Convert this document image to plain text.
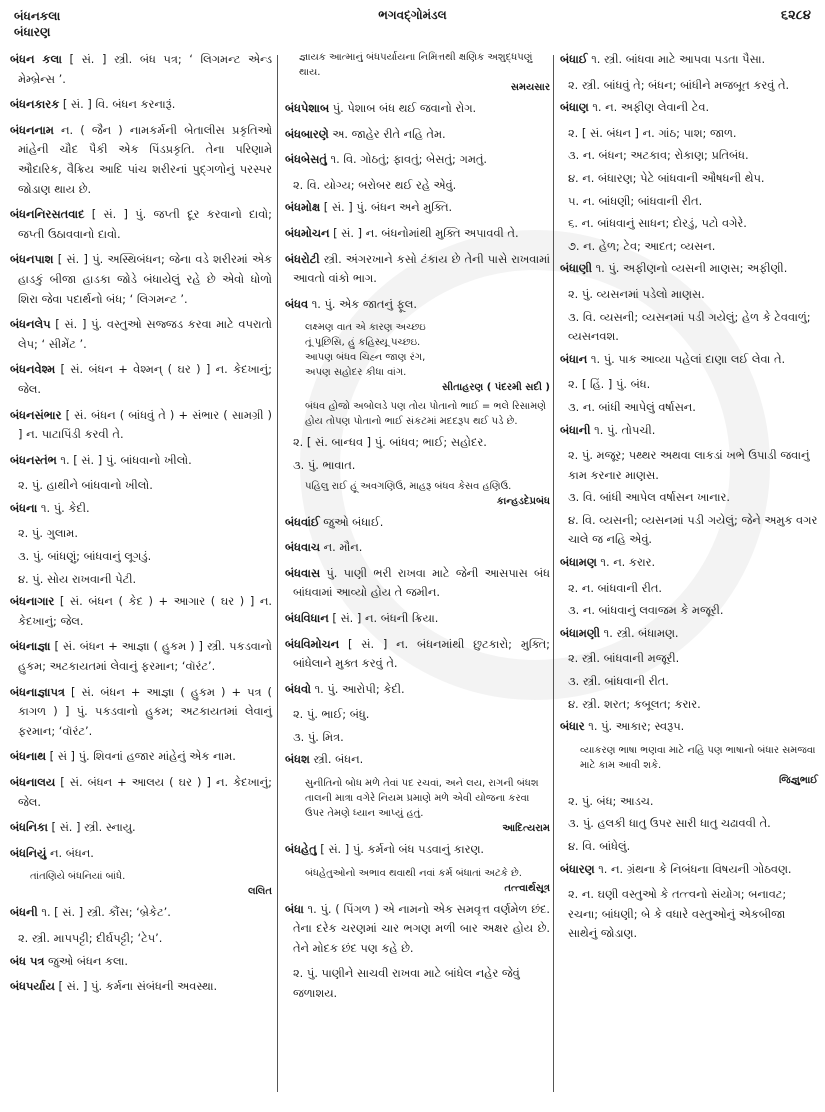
બંધનકલા
બંધારણ
ભગવદ્ગોમંડલ	૬૨૮૪
બંધન કલા [ સં. ] સ્ત્રી. બંધ પત્ર; ‘ લિગમન્ટ એન્ડ મેમ્બ્રેન્સ ’.
બંધનકારક [ સં. ] વિ. બંધન કરનારૂં.
બંધનનામ ન. ( જૈન ) નામકર્મની બેતાલીસ પ્રકૃતિઓ માંહેની ચૌદ પૈકી એક પિંડપ્રકૃતિ. તેના પરિણામે ઔદારિક, વૈક્રિય આદિ પાંચ શરીરનાં પુદ્ગળોનું પરસ્પર જોડાણ થાય છે.
બંધનનિરસતવાદ [ સં. ] પું. જપ્તી દૂર કરવાનો દાવો; જપ્તી ઉઠાવવાનો દાવો.
બંધનપાશ [ સં. ] પું. અસ્થિબંધન; જેના વડે શરીરમાં એક હાડકું બીજા હાડકા જોડે બંધાયેલું રહે છે એવો ધોળો શિરા જેવા પદાર્થનો બંધ; ‘ લિગમન્ટ ’.
બંધનલેપ [ સં. ] પું. વસ્તુઓ સજ્જડ કરવા માટે વપરાતો લેપ; ‘ સીમેંટ ’.
બંધનવેશ્મ [ સં. બંધન + વેશ્મન્ ( ઘર ) ] ન. કેદખાનું; જેલ.
બંધનસંભાર [ સં. બંધન ( બાંધવું તે ) + સંભાર ( સામગ્રી ) ] ન. પાટાપિંડી કરવી તે.
બંધનસ્તંભ ૧. [ સં. ] પું. બાંધવાનો ખીલો.
૨. પું. હાથીને બાંધવાનો ખીલો.
બંધના ૧. પું. કેદી.
૨. પું. ગુલામ.
૩. પું. બાંધણું; બાંધવાનું લૂગડું.
૪. પું. સોય રાખવાની પેટી.
બંધનાગાર [ સં. બંધન ( કેદ ) + આગાર ( ઘર ) ] ન. કેદખાનું; જેલ.
બંધનાજ્ઞા [ સં. બંધન + આજ્ઞા ( હુકમ ) ] સ્ત્રી. પકડવાનો હુકમ; અટકાયતમાં લેવાનું ફરમાન; ‘વૉરંટ’.
બંધનાજ્ઞાપત્ર [ સં. બંધન + આજ્ઞા ( હુકમ ) + પત્ર ( કાગળ ) ] પું. પકડવાનો હુકમ; અટકાયતમાં લેવાનું ફરમાન; ‘વૉરંટ’.
બંધનાથ [ સં ] પું. શિવનાં હજાર માંહેનું એક નામ.
બંધનાલય [ સં. બંધન + આલય ( ઘર ) ] ન. કેદખાનું; જેલ.
બંધનિકા [ સં. ] સ્ત્રી. સ્નાયુ.
બંધનિયું ન. બંધન.
તાંતણિયે બંધનિયાં બાંધે.
લલિત
બંધની ૧. [ સં. ] સ્ત્રી. કૌંસ; ‘બ્રેકેટ’.
૨. સ્ત્રી. માપપટ્ટી; દીર્ઘપટ્ટી; ‘ટેપ’.
બંધ પત્ર જુઓ બંધન કલા.
બંધપર્યાય [ સં. ] પું. કર્મના સંબંધની અવસ્થા.
જ્ઞાયક આત્માનું બંધપર્યાયના નિમિત્તથી ક્ષણિક અશુદ્ધપણું થાય.
સમયસાર
બંધપેશાબ પું. પેશાબ બંધ થઈ જવાનો રોગ.
બંધબારણે અ. જાહેર રીતે નહિ તેમ.
બંધબેસતું ૧. વિ. ગોઠતું; ફાવતું; બેસતું; ગમતું.
૨. વિ. યોગ્ય; બરોબર થઈ રહે એવું.
બંધમોક્ષ [ સં. ] પું. બંધન અને મુક્તિ.
બંધમોચન [ સં. ] ન. બંધનોમાંથી મુક્તિ અપાવવી તે.
બંધરોટી સ્ત્રી. અંગરખાને કસો ટંકાય છે તેની પાસે રાખવામાં આવતો વાંકો ભાગ.
બંધવ ૧. પું. એક જાતનું ફૂલ.
લક્ષ્મણ વાત એ કારણ અચ્છઇ
તૂં પૂછિસિ, હું કહિસ્યૂ પચ્છઇ.
આપણ બંધવ ચિહ્ન જાણ રંગ,
અપણ સહોદર કીધા વાંગ.
સીતાહરણ ( પંદરમી સદી )
બંધવ હોજો અબોલડે પણ તોય પોતાનો ભાઈ = ભલે રિસામણે હોય તોપણ પોતાનો ભાઈ સંકટમાં મદદરૂપ થઈ પડે છે.
૨. [ સં. બાન્ધવ ] પું. બાંધવ; ભાઈ; સહોદર.
૩. પું. ભાવાત.
પહિલુ રાઈ હૂં અવગણિઉ, માહરૂ બંધવ કેસવ હણિઉ.
કાન્હડદેપ્રબંધ
બંધવાંઈ જુઓ બંધાઈ.
બંધવાચ ન. મૌન.
બંધવાસ પું. પાણી ભરી રાખવા માટે જેની આસપાસ બંધ બાંધવામાં આવ્યો હોય તે જમીન.
બંધવિધાન [ સં. ] ન. બંધની ક્રિયા.
બંધવિમોચન [ સં. ] ન. બંધનમાંથી છુટકારો; મુક્તિ; બાંધેલાને મુક્ત કરવું તે.
બંધવો ૧. પું. આરોપી; કેદી.
૨. પું. ભાઈ; બંધુ.
૩. પું. મિત્ર.
બંધશ સ્ત્રી. બંધન.
સુનીતિનો બોધ મળે તેવાં પદ રચવાં, અને લય, રાગની બંધશ તાલની માત્રા વગેરે નિયમ પ્રમાણે મળે એવી યોજના કરવા ઉપર તેમણે ધ્યાન આપ્યું હતું.
આદિત્યરામ
બંધહેતુ [ સં. ] પું. કર્મનો બંધ પડવાનું કારણ.
બંધહેતુઓનો અભાવ થવાથી નવાં કર્મ બંધાતાં અટકે છે.
તત્ત્વાર્થસૂત્ર
બંધા ૧. પું. ( પિંગળ ) એ નામનો એક સમવૃત્ત વર્ણમેળ છંદ. તેના દરેક ચરણમાં ચાર ભગણ મળી બાર અક્ષર હોય છે. તેને મોદક છંદ પણ કહે છે.
૨. પું. પાણીને સાચવી રાખવા માટે બાંધેલ નહેર જેવું જળાશય.
બંધાઈ ૧. સ્ત્રી. બાંધવા માટે આપવા પડતા પૈસા.
૨. સ્ત્રી. બાંધવું તે; બંધન; બાંધીને મજબૂત કરવું તે.
બંધાણ ૧. ન. અફીણ લેવાની ટેવ.
૨. [ સં. બંધન ] ન. ગાંઠ; પાશ; જાળ.
૩. ન. બંધન; અટકાવ; રોકાણ; પ્રતિબંધ.
૪. ન. બંધારણ; પેટે બાંધવાની ઔષધની થેપ.
૫. ન. બાંધણી; બાંધવાની રીત.
૬. ન. બાંધવાનું સાધન; દોરડું, પટો વગેરે.
૭. ન. હેળ; ટેવ; આદત; વ્યસન.
બંધાણી ૧. પું. અફીણનો વ્યસની માણસ; અફીણી.
૨. પું. વ્યસનમાં પડેલો માણસ.
૩. વિ. વ્યસની; વ્યસનમાં પડી ગયેલું; હેળ કે ટેવવાળું; વ્યસનવશ.
બંધાન ૧. પું. પાક આવ્યા પહેલાં દાણા લઈ લેવા તે.
૨. [ હિં. ] પું. બંધ.
૩. ન. બાંધી આપેલું વર્ષાસન.
બંધાની ૧. પું. તોપચી.
૨. પું. મજૂર; પથ્થર અથવા લાકડાં ખભે ઉપાડી જવાનું કામ કરનાર માણસ.
૩. વિ. બાંધી આપેલ વર્ષાસન ખાનાર.
૪. વિ. વ્યસની; વ્યસનમાં પડી ગયેલું; જેને અમુક વગર ચાલે જ નહિ એવું.
બંધામણ ૧. ન. કરાર.
૨. ન. બાંધવાની રીત.
૩. ન. બાંધવાનું લવાજમ કે મજૂરી.
બંધામણી ૧. સ્ત્રી. બંધામણ.
૨. સ્ત્રી. બાંધવાની મજૂરી.
૩. સ્ત્રી. બાંધવાની રીત.
૪. સ્ત્રી. શરત; કબૂલત; કરાર.
બંધાર ૧. પું. આકાર; સ્વરૂપ.
વ્યાકરણ ભાષા ભણવા માટે નહિ પણ ભાષાનો બંધાર સમજવા માટે કામ આવી શકે.
જિજ્ઞુભાઈ
૨. પું. બંધ; આડચ.
૩. પું. હલકી ધાતુ ઉપર સારી ધાતુ ચઢાવવી તે.
૪. વિ. બાંધેલું.
બંધારણ ૧. ન. ગ્રંથના કે નિબંધના વિષયની ગોઠવણ.
૨. ન. ઘણી વસ્તુઓ કે તત્ત્વનો સંયોગ; બનાવટ; રચના; બાંધણી; બે કે વધારે વસ્તુઓનું એકબીજા સાથેનું જોડાણ.
